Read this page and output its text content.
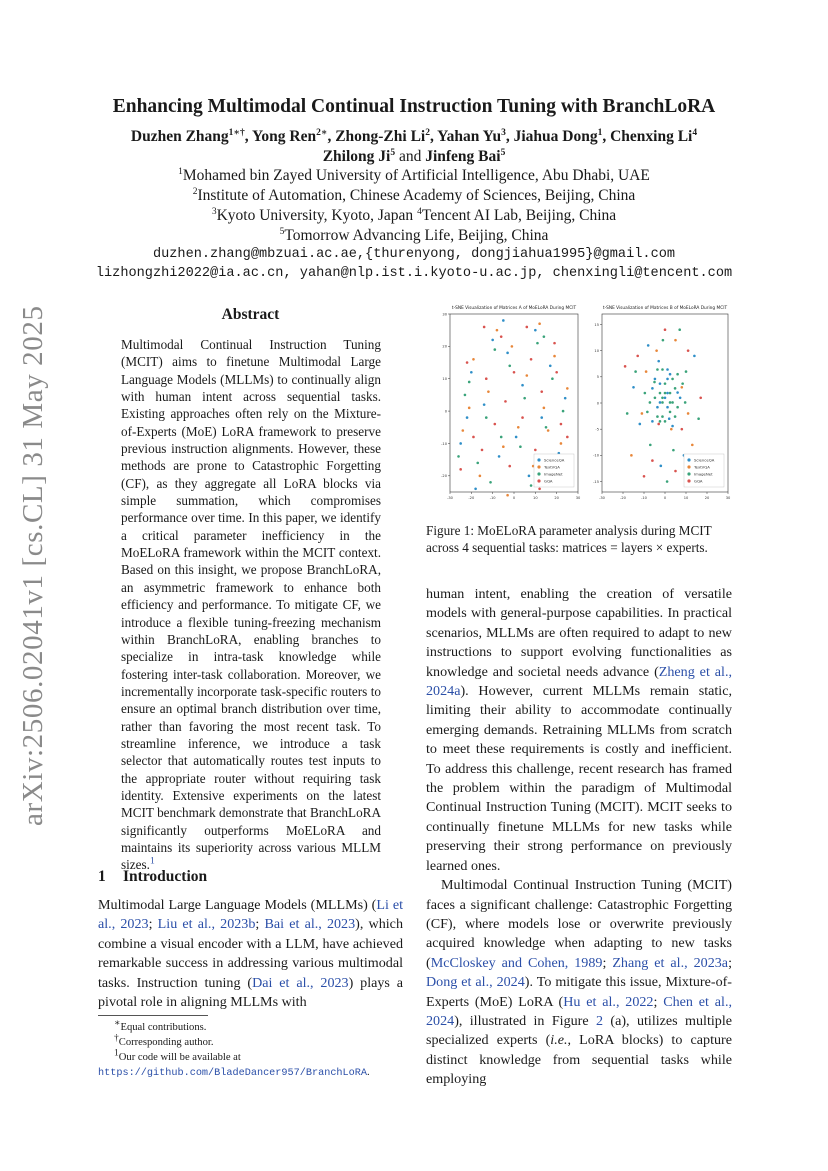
arXiv:2506.02041v1 [cs.CL] 31 May 2025
Enhancing Multimodal Continual Instruction Tuning with BranchLoRA
Duzhen Zhang$^{1∗\dagger}$, Yong Ren$^{2∗}$, Zhong-Zhi Li$^2$, Yahan Yu$^3$, Jiahua Dong$^1$, Chenxing Li$^4$
Zhilong Ji$^5$ and Jinfeng Bai$^5$
$^1$Mohamed bin Zayed University of Artificial Intelligence, Abu Dhabi, UAE
$^2$Institute of Automation, Chinese Academy of Sciences, Beijing, China
$^3$Kyoto University, Kyoto, Japan $^4$Tencent AI Lab, Beijing, China
$^5$Tomorrow Advancing Life, Beijing, China
duzhen.zhang@mbzuai.ac.ae,{thurenyong, dongjiahua1995}@gmail.com
lizhongzhi2022@ia.ac.cn, yahan@nlp.ist.i.kyoto-u.ac.jp, chenxingli@tencent.com
Abstract
Multimodal Continual Instruction Tuning (MCIT) aims to finetune Multimodal Large Language Models (MLLMs) to continually align with human intent across sequential tasks. Existing approaches often rely on the Mixture-of-Experts (MoE) LoRA framework to preserve previous instruction alignments. However, these methods are prone to Catastrophic Forgetting (CF), as they aggregate all LoRA blocks via simple summation, which compromises performance over time. In this paper, we identify a critical parameter inefficiency in the MoELoRA framework within the MCIT context. Based on this insight, we propose BranchLoRA, an asymmetric framework to enhance both efficiency and performance. To mitigate CF, we introduce a flexible tuning-freezing mechanism within BranchLoRA, enabling branches to specialize in intra-task knowledge while fostering inter-task collaboration. Moreover, we incrementally incorporate task-specific routers to ensure an optimal branch distribution over time, rather than favoring the most recent task. To streamline inference, we introduce a task selector that automatically routes test inputs to the appropriate router without requiring task identity. Extensive experiments on the latest MCIT benchmark demonstrate that BranchLoRA significantly outperforms MoELoRA and maintains its superiority across various MLLM sizes.$^1$
1 Introduction
Multimodal Large Language Models (MLLMs) (Li et al., 2023; Liu et al., 2023b; Bai et al., 2023), which combine a visual encoder with a LLM, have achieved remarkable success in addressing various multimodal tasks. Instruction tuning (Dai et al., 2023) plays a pivotal role in aligning MLLMs with
∗Equal contributions.
†Corresponding author.
$^1$Our code will be available at https://github.com/BladeDancer957/BranchLoRA.
t-SNE Visualization of Matrices A of MoELoRA During MCIT
-30	-20	-10	0	10	20	30
30
20
10
0
-10
-20
ScienceQA
TextVQA
ImageNet
GQA
t-SNE Visualization of Matrices B of MoELoRA During MCIT
-30	-20	-10	0	10	20	30
15
10
5
0
-5
-10
-15
ScienceQA
TextVQA
ImageNet
GQA
Figure 1: MoELoRA parameter analysis during MCIT across 4 sequential tasks: matrices = layers × experts.

human intent, enabling the creation of versatile models with general-purpose capabilities. In practical scenarios, MLLMs are often required to adapt to new instructions to support evolving functionalities as knowledge and societal needs advance (Zheng et al., 2024a). However, current MLLMs remain static, limiting their ability to accommodate continually emerging demands. Retraining MLLMs from scratch to meet these requirements is costly and inefficient. To address this challenge, recent research has framed the problem within the paradigm of Multimodal Continual Instruction Tuning (MCIT). MCIT seeks to continually finetune MLLMs for new tasks while preserving their strong performance on previously learned ones.

Multimodal Continual Instruction Tuning (MCIT) faces a significant challenge: Catastrophic Forgetting (CF), where models lose or overwrite previously acquired knowledge when adapting to new tasks (McCloskey and Cohen, 1989; Zhang et al., 2023a; Dong et al., 2024). To mitigate this issue, Mixture-of-Experts (MoE) LoRA (Hu et al., 2022; Chen et al., 2024), illustrated in Figure 2 (a), utilizes multiple specialized experts (i.e., LoRA blocks) to capture distinct knowledge from sequential tasks while employing
